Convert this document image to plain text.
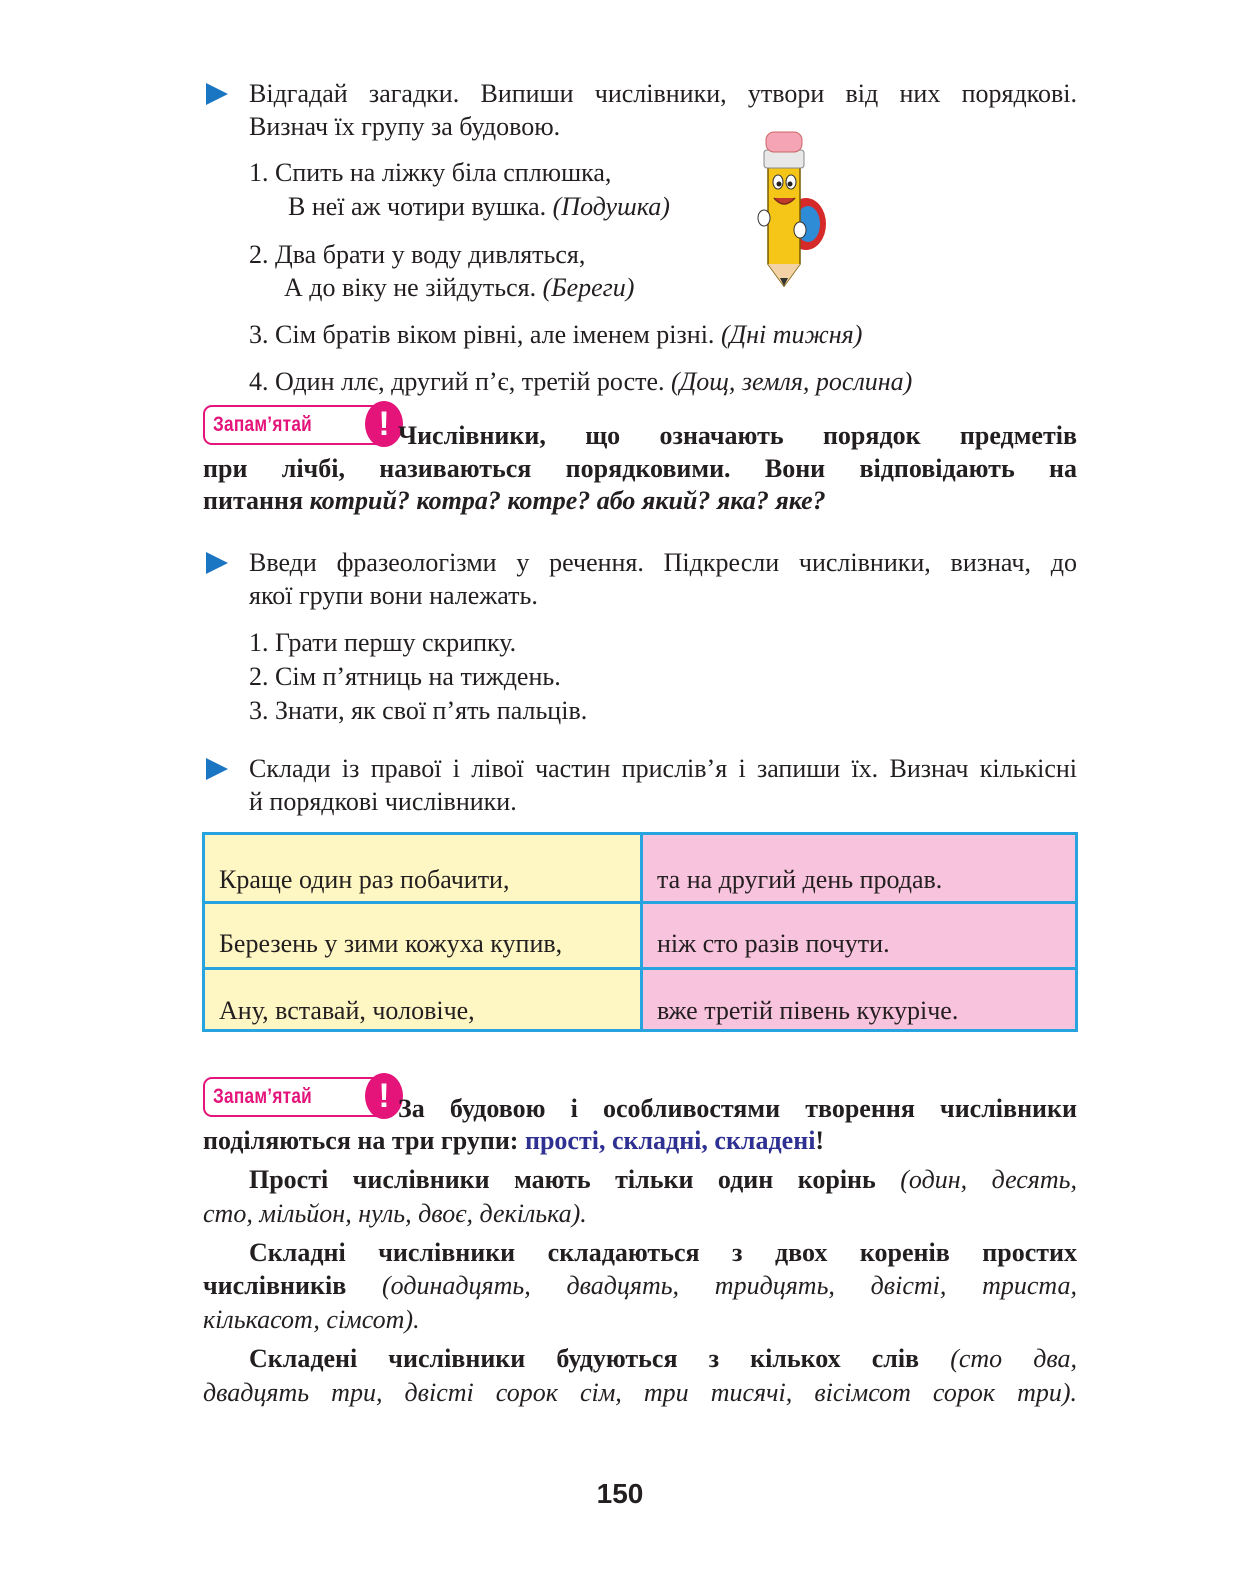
Відгадай загадки. Випиши числівники, утвори від них порядкові.
Визнач їх групу за будовою.
1. Спить на ліжку біла сплюшка,
В неї аж чотири вушка. (Подушка)
2. Два брати у воду дивляться,
А до віку не зійдуться. (Береги)
3. Сім братів віком рівні, але іменем різні. (Дні тижня)
4. Один ллє, другий п’є, третій росте. (Дощ, земля, рослина)
Запам’ятай	! Числівники, що означають порядок предметів
при лічбі, називаються порядковими. Вони відповідають на
питання котрий? котра? котре? або який? яка? яке?
Введи фразеологізми у речення. Підкресли числівники, визнач, до
якої групи вони належать.
1. Грати першу скрипку.
2. Сім п’ятниць на тиждень.
3. Знати, як свої п’ять пальців.
Склади із правої і лівої частин прислів’я і запиши їх. Визнач кількісні
й порядкові числівники.
Краще один раз побачити,	та на другий день продав.
Березень у зими кожуха купив,	ніж сто разів почути.
Ану, вставай, чоловіче,	вже третій півень кукуріче.
Запам’ятай	! За будовою і особливостями творення числівники
поділяються на три групи: прості, складні, складені!
Прості числівники мають тільки один корінь (один, десять,
сто, мільйон, нуль, двоє, декілька).
Складні числівники складаються з двох коренів простих
числівників (одинадцять, двадцять, тридцять, двісті, триста,
кількасот, сімсот).
Складені числівники будуються з кількох слів (сто два,
двадцять три, двісті сорок сім, три тисячі, вісімсот сорок три).
150
